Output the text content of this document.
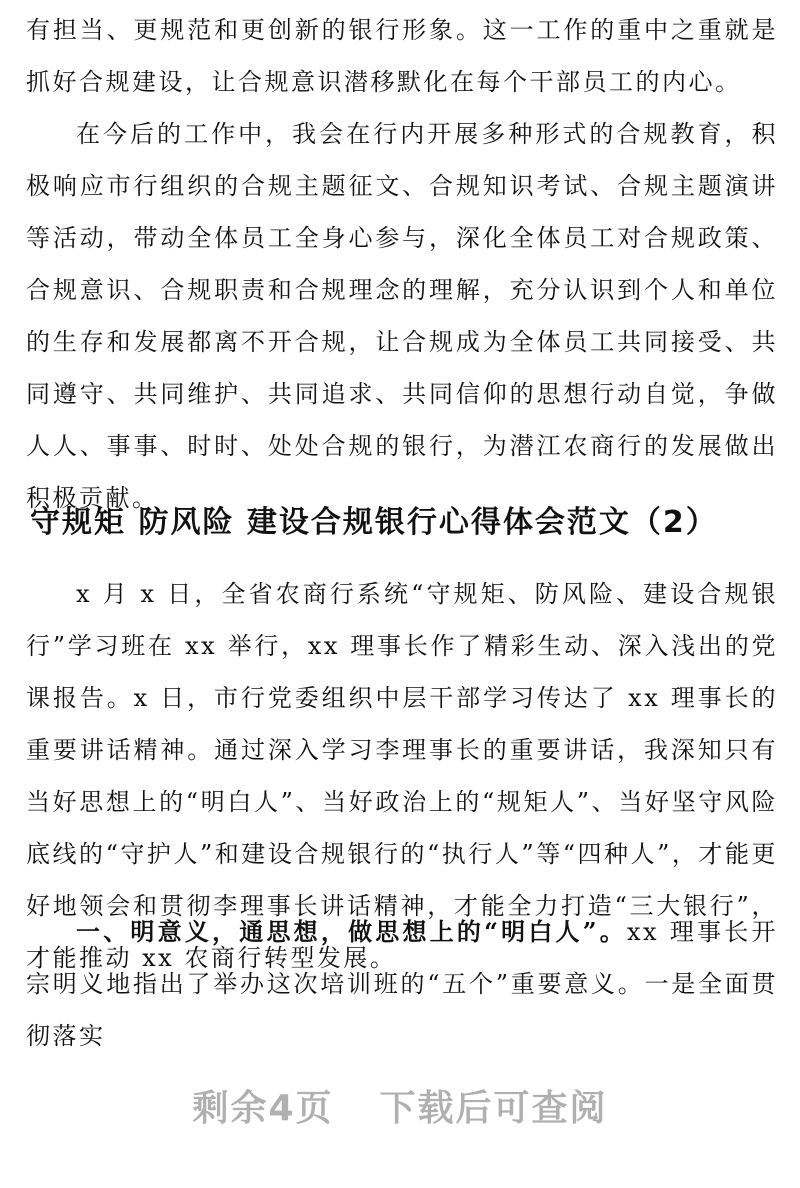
有担当、更规范和更创新的银行形象。这一工作的重中之重就是抓好合规建设，让合规意识潜移默化在每个干部员工的内心。

在今后的工作中，我会在行内开展多种形式的合规教育，积极响应市行组织的合规主题征文、合规知识考试、合规主题演讲等活动，带动全体员工全身心参与，深化全体员工对合规政策、合规意识、合规职责和合规理念的理解，充分认识到个人和单位的生存和发展都离不开合规，让合规成为全体员工共同接受、共同遵守、共同维护、共同追求、共同信仰的思想行动自觉，争做人人、事事、时时、处处合规的银行，为潜江农商行的发展做出积极贡献。

守规矩 防风险 建设合规银行心得体会范文（2）

x 月 x 日，全省农商行系统“守规矩、防风险、建设合规银行”学习班在 xx 举行，xx 理事长作了精彩生动、深入浅出的党课报告。x 日，市行党委组织中层干部学习传达了 xx 理事长的重要讲话精神。通过深入学习李理事长的重要讲话，我深知只有当好思想上的“明白人”、当好政治上的“规矩人”、当好坚守风险底线的“守护人”和建设合规银行的“执行人”等“四种人”，才能更好地领会和贯彻李理事长讲话精神，才能全力打造“三大银行”，才能推动 xx 农商行转型发展。

一、明意义，通思想，做思想上的“明白人”。xx 理事长开宗明义地指出了举办这次培训班的“五个”重要意义。一是全面贯彻落实

剩余4页 下载后可查阅
